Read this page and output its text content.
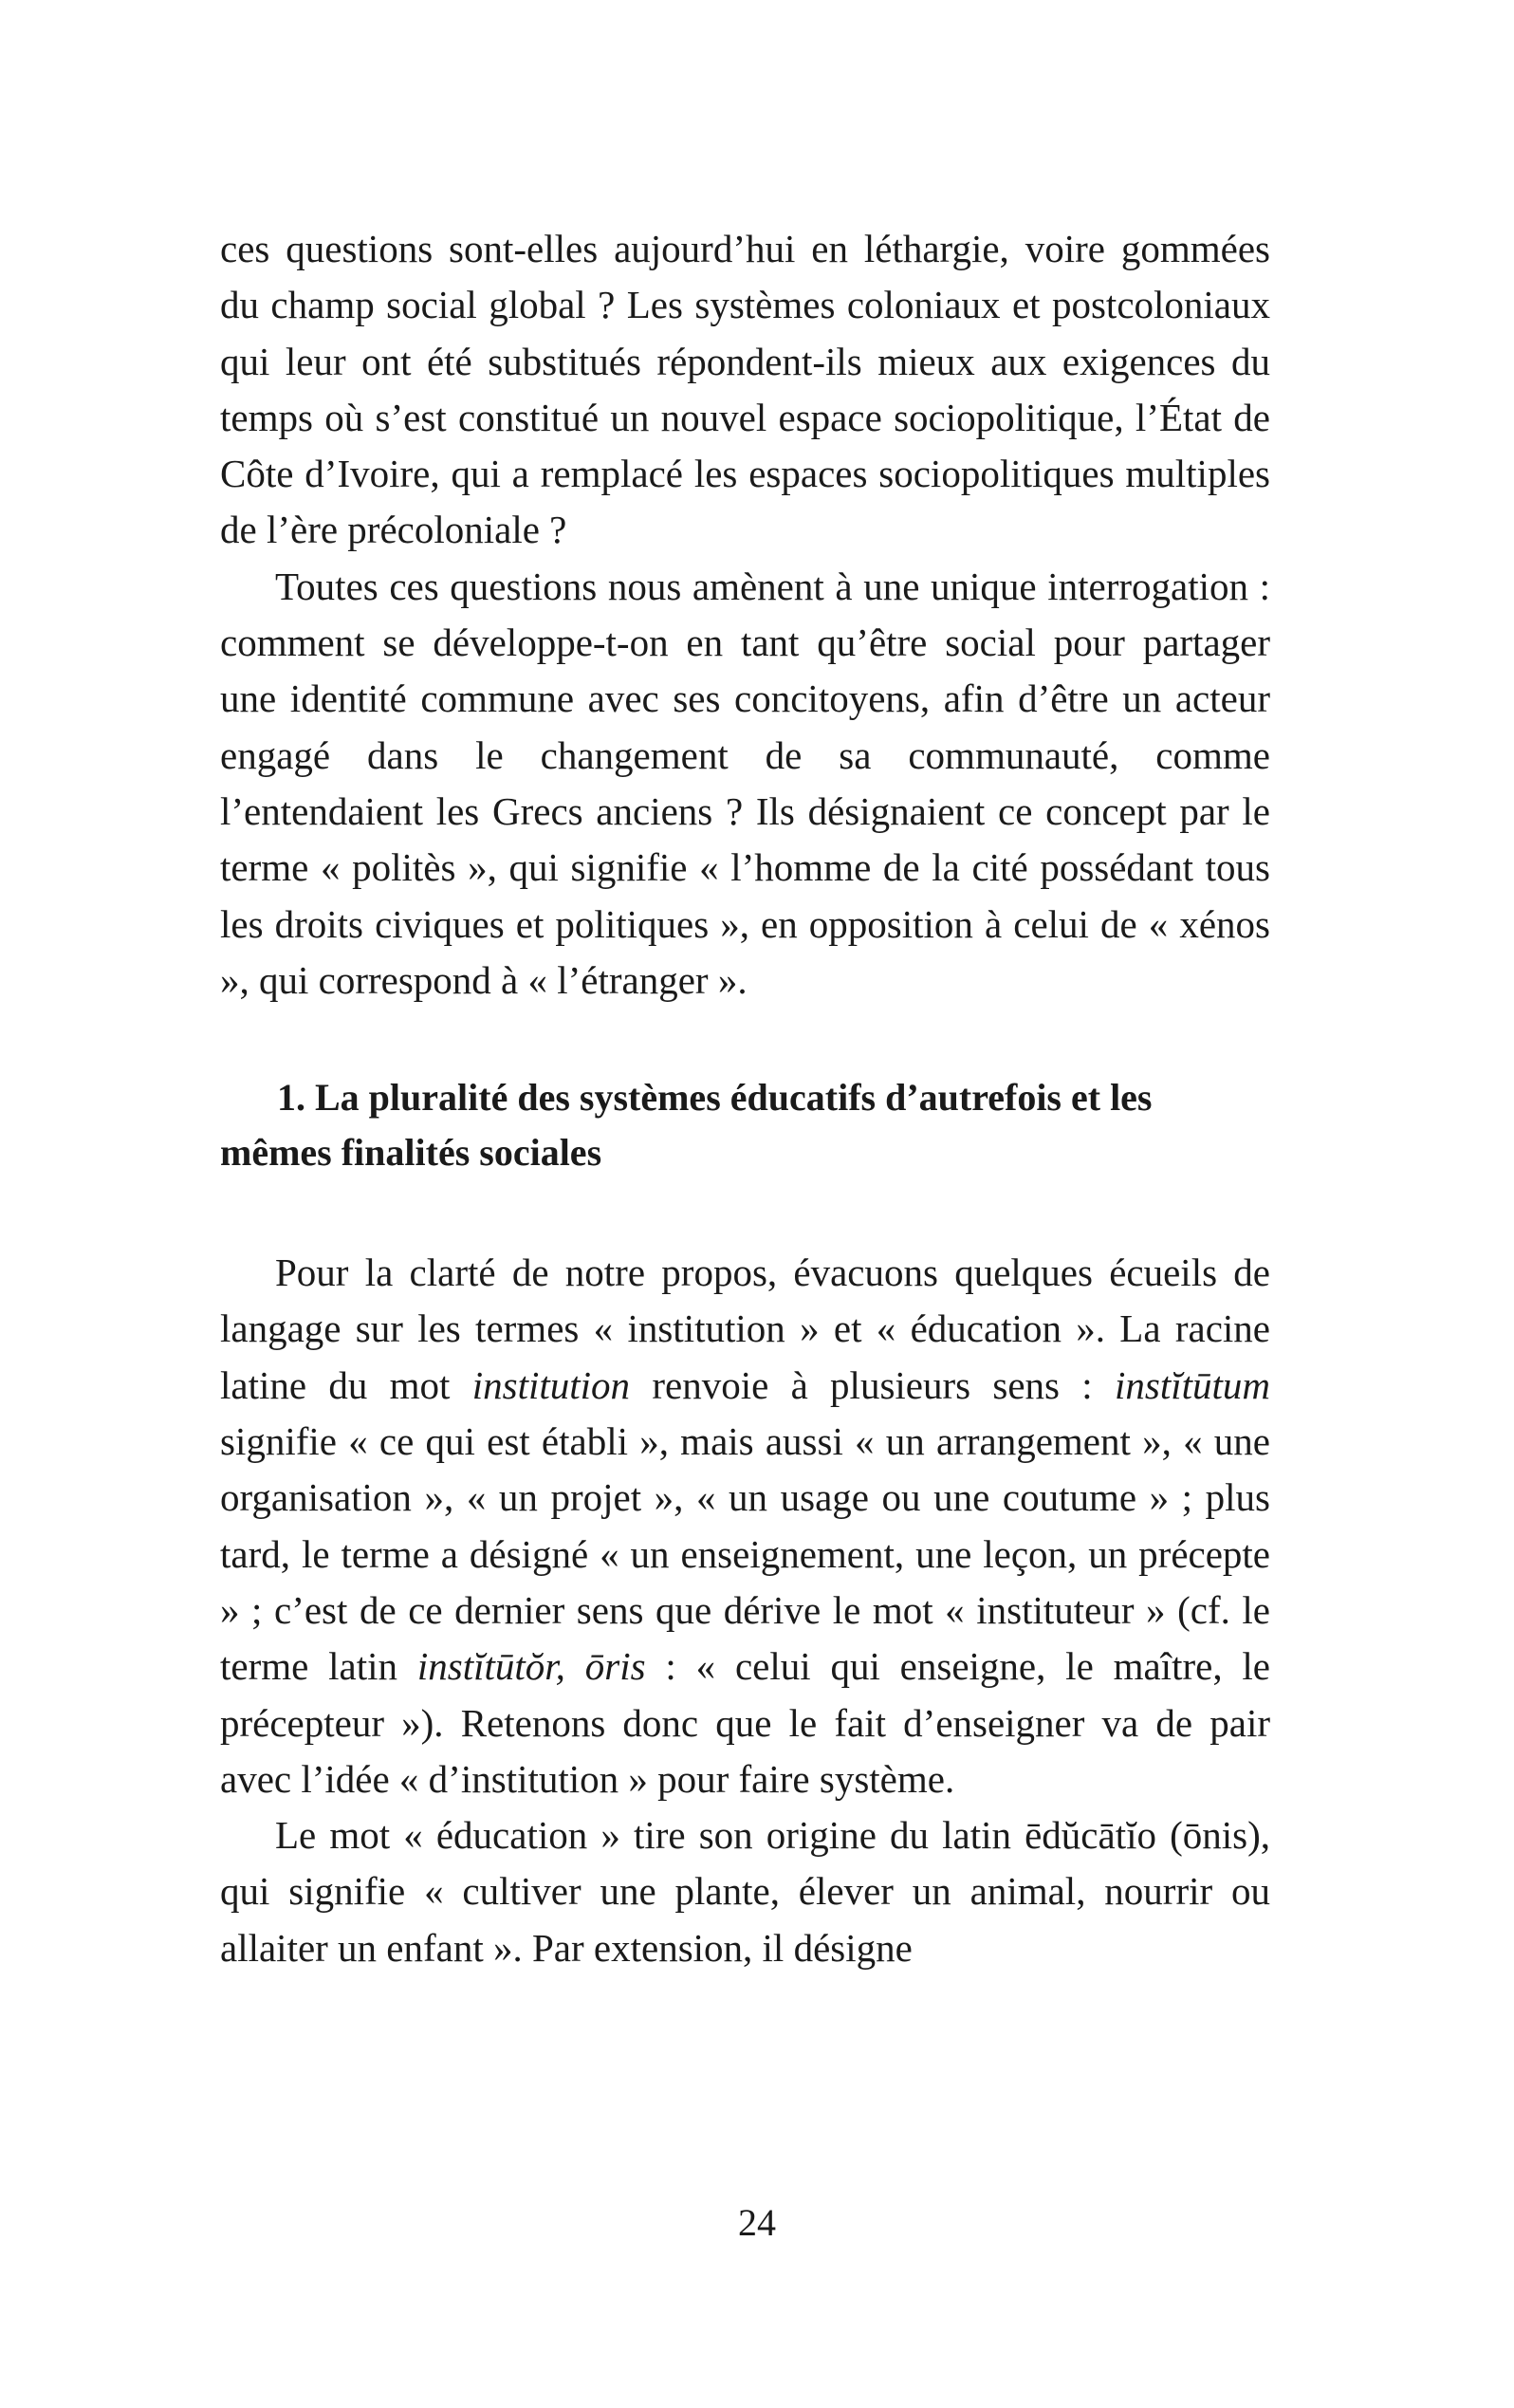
ces questions sont-elles aujourd’hui en léthargie, voire gommées du champ social global ? Les systèmes coloniaux et postcoloniaux qui leur ont été substitués répondent-ils mieux aux exigences du temps où s’est constitué un nouvel espace sociopolitique, l’État de Côte d’Ivoire, qui a remplacé les espaces sociopolitiques multiples de l’ère précoloniale ?

Toutes ces questions nous amènent à une unique interrogation : comment se développe-t-on en tant qu’être social pour partager une identité commune avec ses concitoyens, afin d’être un acteur engagé dans le changement de sa communauté, comme l’entendaient les Grecs anciens ? Ils désignaient ce concept par le terme « politès », qui signifie « l’homme de la cité possédant tous les droits civiques et politiques », en opposition à celui de « xénos », qui correspond à « l’étranger ».

1. La pluralité des systèmes éducatifs d’autrefois et les
mêmes finalités sociales

Pour la clarté de notre propos, évacuons quelques écueils de langage sur les termes « institution » et « éducation ». La racine latine du mot institution renvoie à plusieurs sens : instĭtūtum signifie « ce qui est établi », mais aussi « un arrangement », « une organisation », « un projet », « un usage ou une coutume » ; plus tard, le terme a désigné « un enseignement, une leçon, un précepte » ; c’est de ce dernier sens que dérive le mot « instituteur » (cf. le terme latin instĭtūtŏr, ōris : « celui qui enseigne, le maître, le précepteur »). Retenons donc que le fait d’enseigner va de pair avec l’idée « d’institution » pour faire système.

Le mot « éducation » tire son origine du latin ēdŭcātĭo (ōnis), qui signifie « cultiver une plante, élever un animal, nourrir ou allaiter un enfant ». Par extension, il désigne

24
